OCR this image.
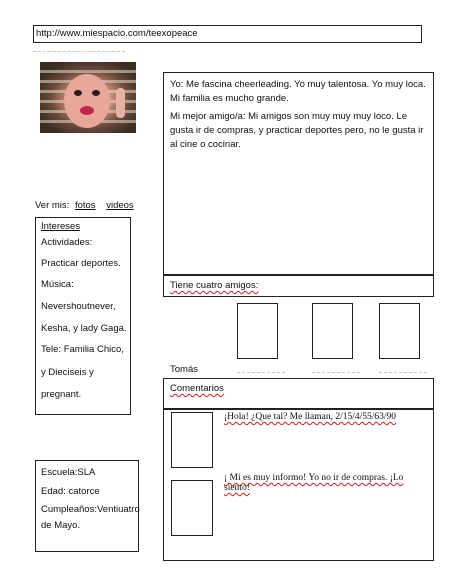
http://www.miespacio.com/teexopeace
Yo: Me fascina cheerleading. Yo muy talentosa. Yo muy loca. Mi familia es mucho grande.
Mi mejor amigo/a: Mi amigos son muy muy muy loco. Le gusta ir de compras, y practicar deportes pero, no le gusta ir al cine o cocinar.
Ver mis: fotos videos
Intereses
Actividades:
Practicar deportes.
Música:
Nevershoutnever,
Kesha, y lady Gaga.
Tele: Familia Chico,
y Dieciseis y
pregnant.
Tiene cuatro amigos:
Tomás
Comentarios
¡Hola! ¿Que tal? Me llaman, 2/15/4/55/63/90
¡ Mi es muy informo! Yo no ir de compras. ¡Lo siento!
Escuela:SLA
Edad: catorce
Cumpleaños:Ventiuatro
de Mayo.
